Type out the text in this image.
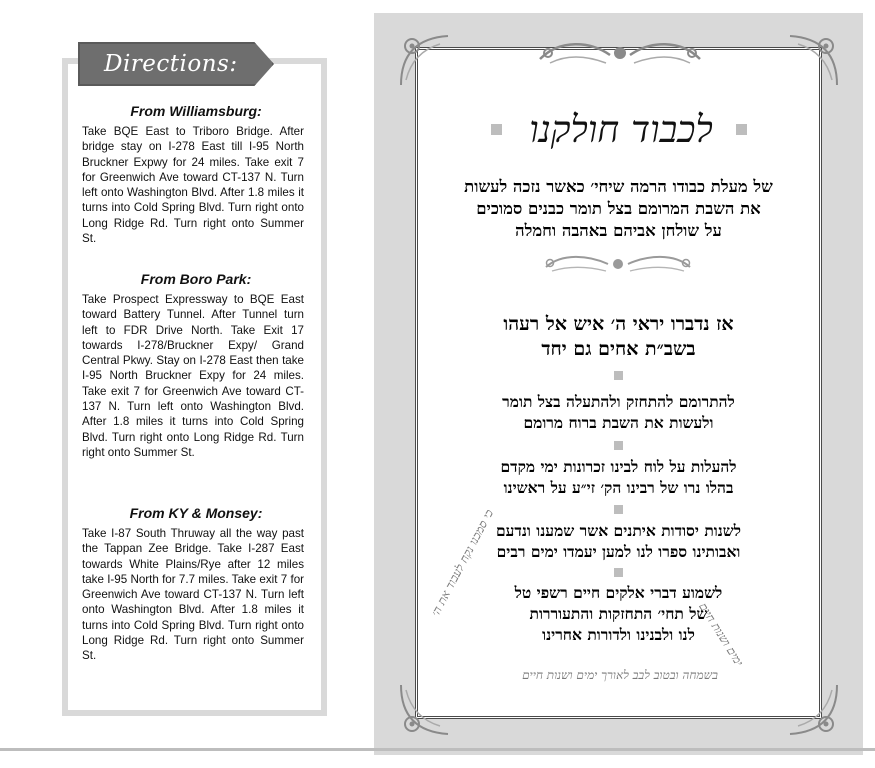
Directions:
From Williamsburg:
Take BQE East to Triboro Bridge. After bridge stay on I-278 East till I-95 North Bruckner Expwy for 24 miles. Take exit 7 for Greenwich Ave toward CT-137 N. Turn left onto Washington Blvd. After 1.8 miles it turns into Cold Spring Blvd. Turn right onto Long Ridge Rd. Turn right onto Summer St.
From Boro Park:
Take Prospect Expressway to BQE East toward Battery Tunnel. After Tunnel turn left to FDR Drive North. Take Exit 17 towards I-278/Bruckner Expy/ Grand Central Pkwy. Stay on I-278 East then take I-95 North Bruckner Expy for 24 miles. Take exit 7 for Greenwich Ave toward CT-137 N. Turn left onto Washington Blvd. After 1.8 miles it turns into Cold Spring Blvd. Turn right onto Long Ridge Rd. Turn right onto Summer St.
From KY & Monsey:
Take I-87 South Thruway all the way past the Tappan Zee Bridge. Take I-287 East towards White Plains/Rye after 12 miles take I-95 North for 7.7 miles. Take exit 7 for Greenwich Ave toward CT-137 N. Turn left onto Washington Blvd. After 1.8 miles it turns into Cold Spring Blvd. Turn right onto Long Ridge Rd. Turn right onto Summer St.
לכבוד חולקנו
של מעלת כבודו הרמה שיחי׳ כאשר נזכה לעשות
את השבת המרומם בצל תומר כבנים סמוכים
על שולחן אביהם באהבה וחמלה
אז נדברו יראי ה׳ איש אל רעהו
בשב״ת אחים גם יחד
להתרומם להתחזק ולהתעלה בצל תומר
ולעשות את השבת ברוח מרומם
להעלות על לוח לבינו זכרונות ימי מקדם
בהלו נרו של רבינו הק׳ זי״ע על ראשינו
לשנות יסודות איתנים אשר שמענו ונדעם
ואבותינו ספרו לנו למען יעמדו ימים רבים
לשמוע דברי אלקים חיים רשפי טל
של תחי׳ התחזקות והתעוררות
לנו ולבנינו ולדורות אחרינו
כי סמכנו נקח לעבוד את ה׳
ימים ושנות חיים
בשמחה ובטוב לבב לאורך ימים ושנות חיים
